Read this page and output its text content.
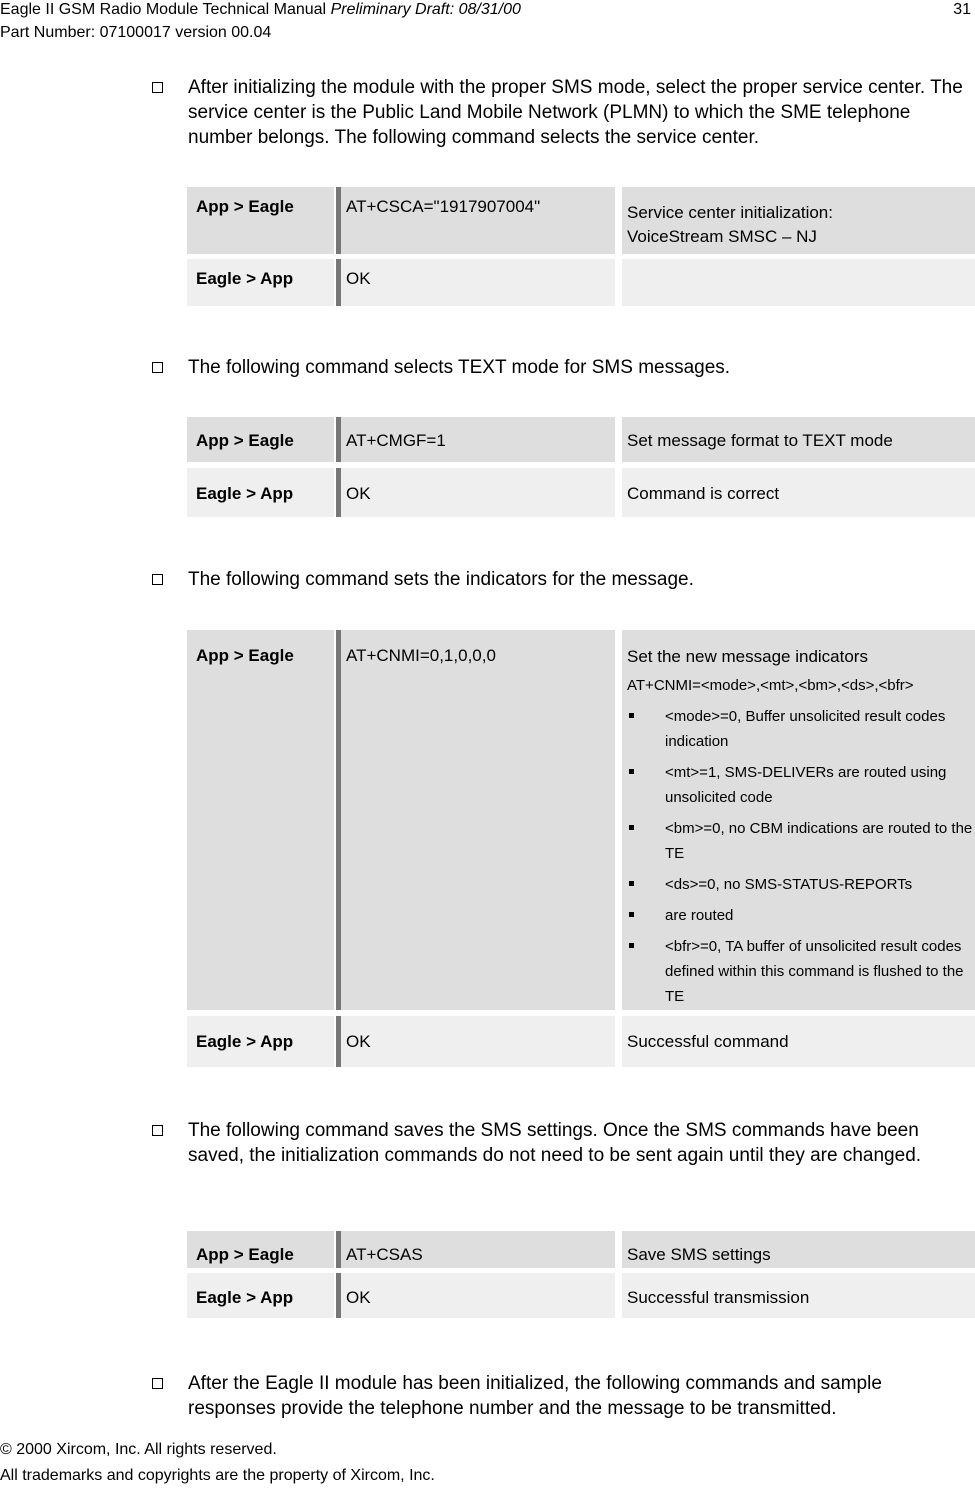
Eagle II GSM Radio Module Technical Manual Preliminary Draft: 08/31/00	31
Part Number: 07100017 version 00.04
After initializing the module with the proper SMS mode, select the proper service center. The service center is the Public Land Mobile Network (PLMN) to which the SME telephone number belongs. The following command selects the service center.
App > Eagle	AT+CSCA="1917907004"	Service center initialization:
VoiceStream SMSC – NJ
Eagle > App	OK
The following command selects TEXT mode for SMS messages.
App > Eagle	AT+CMGF=1	Set message format to TEXT mode
Eagle > App	OK	Command is correct
The following command sets the indicators for the message.
App > Eagle	AT+CNMI=0,1,0,0,0	Set the new message indicators
AT+CNMI=<mode>,<mt>,<bm>,<ds>,<bfr>
<mode>=0, Buffer unsolicited result codes indication
<mt>=1, SMS-DELIVERs are routed using unsolicited code
<bm>=0, no CBM indications are routed to the TE
<ds>=0, no SMS-STATUS-REPORTs
are routed
<bfr>=0, TA buffer of unsolicited result codes defined within this command is flushed to the TE
Eagle > App	OK	Successful command
The following command saves the SMS settings. Once the SMS commands have been saved, the initialization commands do not need to be sent again until they are changed.
App > Eagle	AT+CSAS	Save SMS settings
Eagle > App	OK	Successful transmission
After the Eagle II module has been initialized, the following commands and sample responses provide the telephone number and the message to be transmitted.
© 2000 Xircom, Inc. All rights reserved.
All trademarks and copyrights are the property of Xircom, Inc.
